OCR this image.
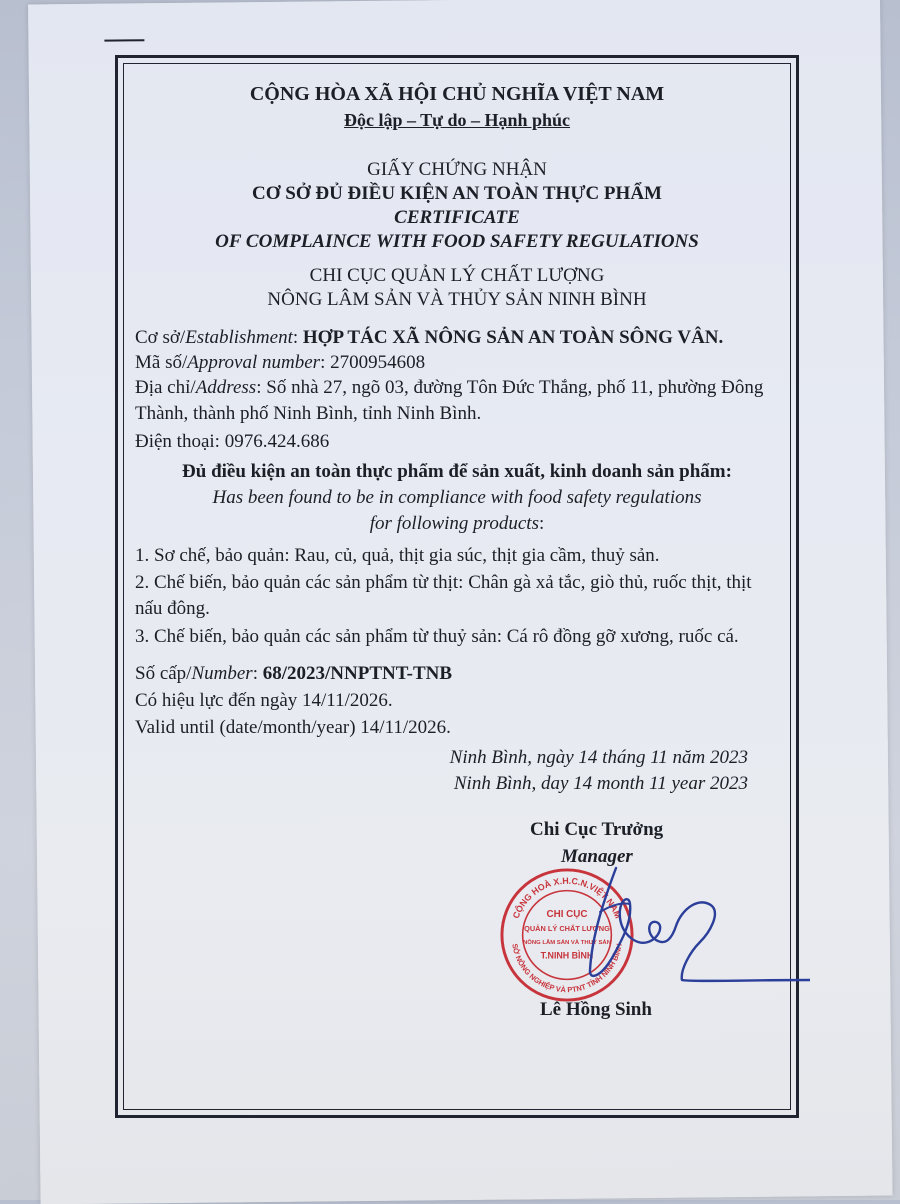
CỘNG HÒA XÃ HỘI CHỦ NGHĨA VIỆT NAM

Độc lập – Tự do – Hạnh phúc

GIẤY CHỨNG NHẬN

CƠ SỞ ĐỦ ĐIỀU KIỆN AN TOÀN THỰC PHẨM

CERTIFICATE

OF COMPLAINCE WITH FOOD SAFETY REGULATIONS

CHI CỤC QUẢN LÝ CHẤT LƯỢNG

NÔNG LÂM SẢN VÀ THỦY SẢN NINH BÌNH

Cơ sở/Establishment: HỢP TÁC XÃ NÔNG SẢN AN TOÀN SÔNG VÂN.

Mã số/Approval number: 2700954608

Địa chỉ/Address: Số nhà 27, ngõ 03, đường Tôn Đức Thắng, phố 11, phường Đông

Thành, thành phố Ninh Bình, tỉnh Ninh Bình.

Điện thoại: 0976.424.686

Đủ điều kiện an toàn thực phẩm để sản xuất, kinh doanh sản phẩm:

Has been found to be in compliance with food safety regulations

for following products:

1. Sơ chế, bảo quản: Rau, củ, quả, thịt gia súc, thịt gia cầm, thuỷ sản.

2. Chế biến, bảo quản các sản phẩm từ thịt: Chân gà xả tắc, giò thủ, ruốc thịt, thịt

nấu đông.

3. Chế biến, bảo quản các sản phẩm từ thuỷ sản: Cá rô đồng gỡ xương, ruốc cá.

Số cấp/Number: 68/2023/NNPTNT-TNB

Có hiệu lực đến ngày 14/11/2026.

Valid until (date/month/year) 14/11/2026.

Ninh Bình, ngày 14 tháng 11 năm 2023

Ninh Bình, day 14 month 11 year 2023

Chi Cục Trưởng

Manager

Lê Hồng Sinh

CỘNG HOÀ X.H.C.N.VIỆT NAM
SỞ NÔNG NGHIỆP VÀ PTNT TỈNH NINH BÌNH
CHI CỤC
QUẢN LÝ CHẤT LƯỢNG
NÔNG LÂM SẢN VÀ THUỶ SẢN
T.NINH BÌNH
